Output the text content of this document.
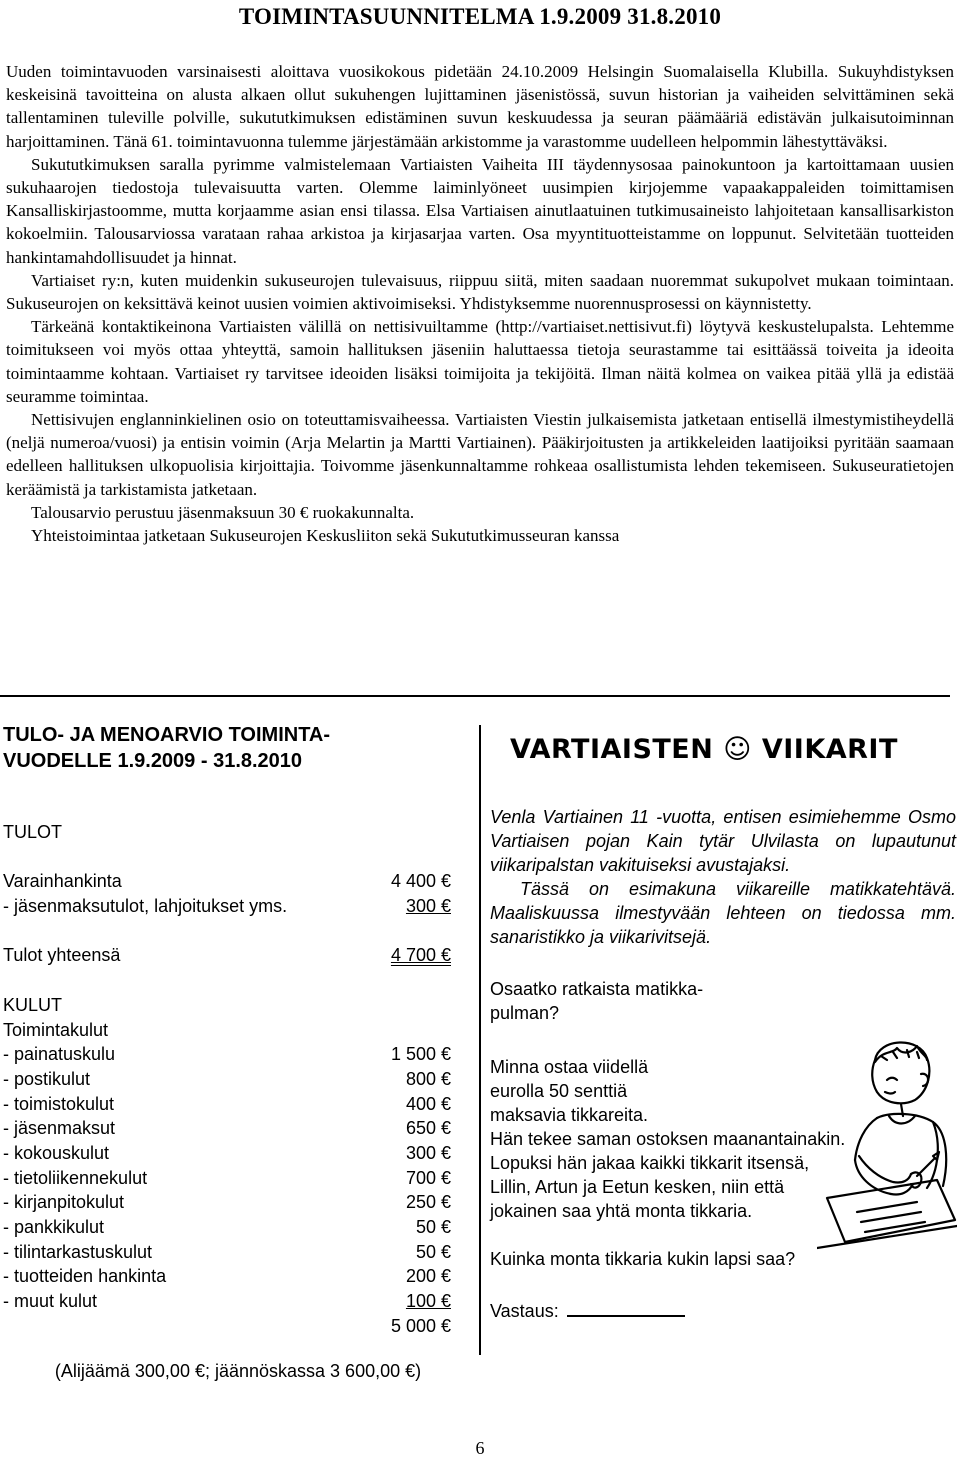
TOIMINTASUUNNITELMA 1.9.2009 31.8.2010

Uuden toimintavuoden varsinaisesti aloittava vuosikokous pidetään 24.10.2009 Helsingin Suomalaisella Klubilla. Sukuyhdistyksen keskeisinä tavoitteina on alusta alkaen ollut sukuhengen lujittaminen jäsenistössä, suvun historian ja vaiheiden selvittäminen sekä tallentaminen tuleville polville, sukututkimuksen edistäminen suvun keskuudessa ja seuran päämääriä edistävän julkaisutoiminnan harjoittaminen. Tänä 61. toimintavuonna tulemme järjestämään arkistomme ja varastomme uudelleen helpommin lähestyttäväksi.

Sukututkimuksen saralla pyrimme valmistelemaan Vartiaisten Vaiheita III täydennysosaa painokuntoon ja kartoittamaan uusien sukuhaarojen tiedostoja tulevaisuutta varten. Olemme laiminlyöneet uusimpien kirjojemme vapaakappaleiden toimittamisen Kansalliskirjastoomme, mutta korjaamme asian ensi tilassa. Elsa Vartiaisen ainutlaatuinen tutkimusaineisto lahjoitetaan kansallisarkiston kokoelmiin. Talousarviossa varataan rahaa arkistoa ja kirjasarjaa varten. Osa myyntituotteistamme on loppunut. Selvitetään tuotteiden hankintamahdollisuudet ja hinnat.

Vartiaiset ry:n, kuten muidenkin sukuseurojen tulevaisuus, riippuu siitä, miten saadaan nuoremmat sukupolvet mukaan toimintaan. Sukuseurojen on keksittävä keinot uusien voimien aktivoimiseksi. Yhdistyksemme nuorennusprosessi on käynnistetty.

Tärkeänä kontaktikeinona Vartiaisten välillä on nettisivuiltamme (http://vartiaiset.nettisivut.fi) löytyvä keskustelupalsta. Lehtemme toimitukseen voi myös ottaa yhteyttä, samoin hallituksen jäseniin haluttaessa tietoja seurastamme tai esittäässä toiveita ja ideoita toimintaamme kohtaan. Vartiaiset ry tarvitsee ideoiden lisäksi toimijoita ja tekijöitä. Ilman näitä kolmea on vaikea pitää yllä ja edistää seuramme toimintaa.

Nettisivujen englanninkielinen osio on toteuttamisvaiheessa. Vartiaisten Viestin julkaisemista jatketaan entisellä ilmestymistiheydellä (neljä numeroa/vuosi) ja entisin voimin (Arja Melartin ja Martti Vartiainen). Pääkirjoitusten ja artikkeleiden laatijoiksi pyritään saamaan edelleen hallituksen ulkopuolisia kirjoittajia. Toivomme jäsenkunnaltamme rohkeaa osallistumista lehden tekemiseen. Sukuseuratietojen keräämistä ja tarkistamista jatketaan.

Talousarvio perustuu jäsenmaksuun 30 € ruokakunnalta.

Yhteistoimintaa jatketaan Sukuseurojen Keskusliiton sekä Sukututkimusseuran kanssa

TULO- JA MENOARVIO TOIMINTA-
VUODELLE 1.9.2009 - 31.8.2010
TULOT
Varainhankinta	4 400 €
- jäsenmaksutulot, lahjoitukset yms.	300 €
Tulot yhteensä	4 700 €
KULUT
Toimintakulut
- painatuskulu	1 500 €
- postikulut	800 €
- toimistokulut	400 €
- jäsenmaksut	650 €
- kokouskulut	300 €
- tietoliikennekulut	700 €
- kirjanpitokulut	250 €
- pankkikulut	50 €
- tilintarkastuskulut	50 €
- tuotteiden hankinta	200 €
- muut kulut	100 €
5 000 €
(Alijäämä 300,00 €; jäännöskassa 3 600,00 €)
VARTIAISTEN ☺ VIIKARIT

Venla Vartiainen 11 -vuotta, entisen esimiehemme Osmo Vartiaisen pojan Kain tytär Ulvilasta on lupautunut viikaripalstan vakituiseksi avustajaksi.

Tässä on esimakuna viikareille matikkatehtävä. Maaliskuussa ilmestyvään lehteen on tiedossa mm. sanaristikko ja viikarivitsejä.

Osaatko ratkaista matikka-

pulman?

Minna ostaa viidellä

eurolla 50 senttiä

maksavia tikkareita.

Hän tekee saman ostoksen maanantainakin.

Lopuksi hän jakaa kaikki tikkarit itsensä,

Lillin, Artun ja Eetun kesken, niin että

jokainen saa yhtä monta tikkaria.

Kuinka monta tikkaria kukin lapsi saa?

Vastaus:

6
